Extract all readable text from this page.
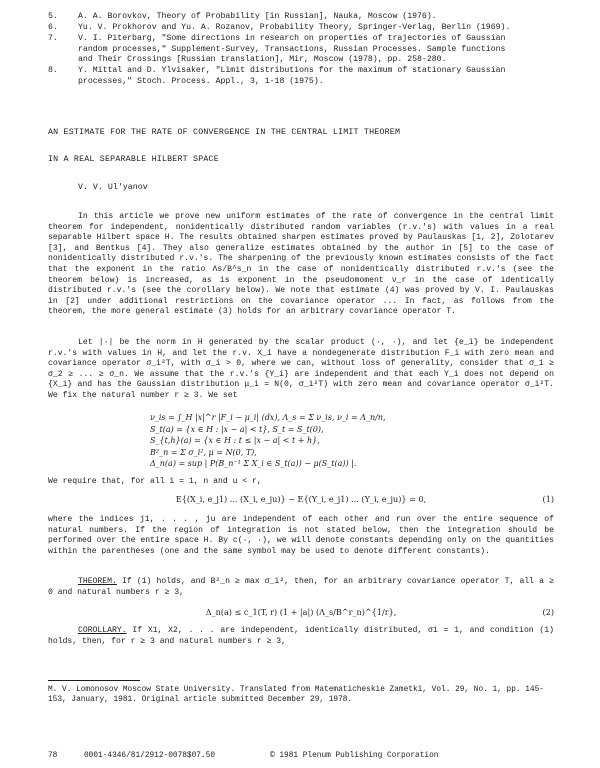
5. A. A. Borovkov, Theory of Probability [in Russian], Nauka, Moscow (1976).
6. Yu. V. Prokhorov and Yu. A. Rozanov, Probability Theory, Springer-Verlag, Berlin (1969).
7. V. I. Piterbarg, "Some directions in research on properties of trajectories of Gaussian
random processes," Supplement-Survey, Transactions, Russian Processes. Sample functions
and Their Crossings [Russian translation], Mir, Moscow (1978), pp. 258-280.
8. Y. Mittal and D. Ylvisaker, "Limit distributions for the maximum of stationary Gaussian
processes," Stoch. Process. Appl., 3, 1-18 (1975).
AN ESTIMATE FOR THE RATE OF CONVERGENCE IN THE CENTRAL LIMIT THEOREM
IN A REAL SEPARABLE HILBERT SPACE
V. V. Ul'yanov

In this article we prove new uniform estimates of the rate of convergence in the central limit theorem for independent, nonidentically distributed random variables (r.v.'s) with values in a real separable Hilbert space H. The results obtained sharpen estimates proved by Paulauskas [1, 2], Zolotarev [3], and Bentkus [4]. They also generalize estimates obtained by the author in [5] to the case of nonidentically distributed r.v.'s. The sharpening of the previously known estimates consists of the fact that the exponent in the ratio Λs/B^s_n in the case of nonidentically distributed r.v.'s (see the theorem below) is increased, as is exponent in the pseudomoment ν_r in the case of identically distributed r.v.'s (see the corollary below). We note that estimate (4) was proved by V. I. Paulauskas in [2] under additional restrictions on the covariance operator ... In fact, as follows from the theorem, the more general estimate (3) holds for an arbitrary covariance operator T.

Let |·| be the norm in H generated by the scalar product (·, ·), and let {e_i} be independent r.v.'s with values in H, and let the r.v. X_i have a nondegenerate distribution F_i with zero mean and covariance operator σ_i²T, with σ_i > 0, where we can, without loss of generality, consider that σ_1 ≥ σ_2 ≥ ... ≥ σ_n. We assume that the r.v.'s {Y_i} are independent and that each Y_i does not depend on {X_i} and has the Gaussian distribution μ_i = N(0, σ_i²T) with zero mean and covariance operator σ_i²T. We fix the natural number r ≥ 3. We set

ν_is = ∫_H |x|^r |F_i − μ_i| (dx), Λ_s = Σ ν_is, ν_i = Λ_n/n,
S_t(a) = {x ∈ H : |x − a| < t}, S_t = S_t(0),
S_{t,h}(a) = {x ∈ H : t ≤ |x − a| < t + h},
B²_n = Σ σ_i², μ = N(0, T),
Δ_n(a) = sup | P(B_n⁻¹ Σ X_i ∈ S_t(a)) − μ(S_t(a)) |.
We require that, for all i = 1, n and u < r,
E{(X_i, e_j1) ... (X_i, e_ju)} − E{(Y_i, e_j1) ... (Y_i, e_ju)} = 0,	(1)

where the indices j1, . . . , ju are independent of each other and run over the entire sequence of natural numbers. If the region of integration is not stated below, then the integration should be performed over the entire space H. By c(·, ·), we will denote constants depending only on the quantities within the parentheses (one and the same symbol may be used to denote different constants).

THEOREM. If (1) holds, and B²_n ≥ max σ_i², then, for an arbitrary covariance operator T, all a ≥ 0 and natural numbers r ≥ 3,

Δ_n(a) ≤ c_1(T, r) (1 + |a|) (Λ_s/B^r_n)^{1/r},	(2)

COROLLARY. If X1, X2, . . . are independent, identically distributed, σ1 = 1, and condition (1) holds, then, for r ≥ 3 and natural numbers r ≥ 3,

M. V. Lomonosov Moscow State University. Translated from Matematicheskie Zametki, Vol. 29, No. 1, pp. 145-153, January, 1981. Original article submitted December 29, 1978.
78	0001-4346/81/2912-0078$07.50	© 1981 Plenum Publishing Corporation
